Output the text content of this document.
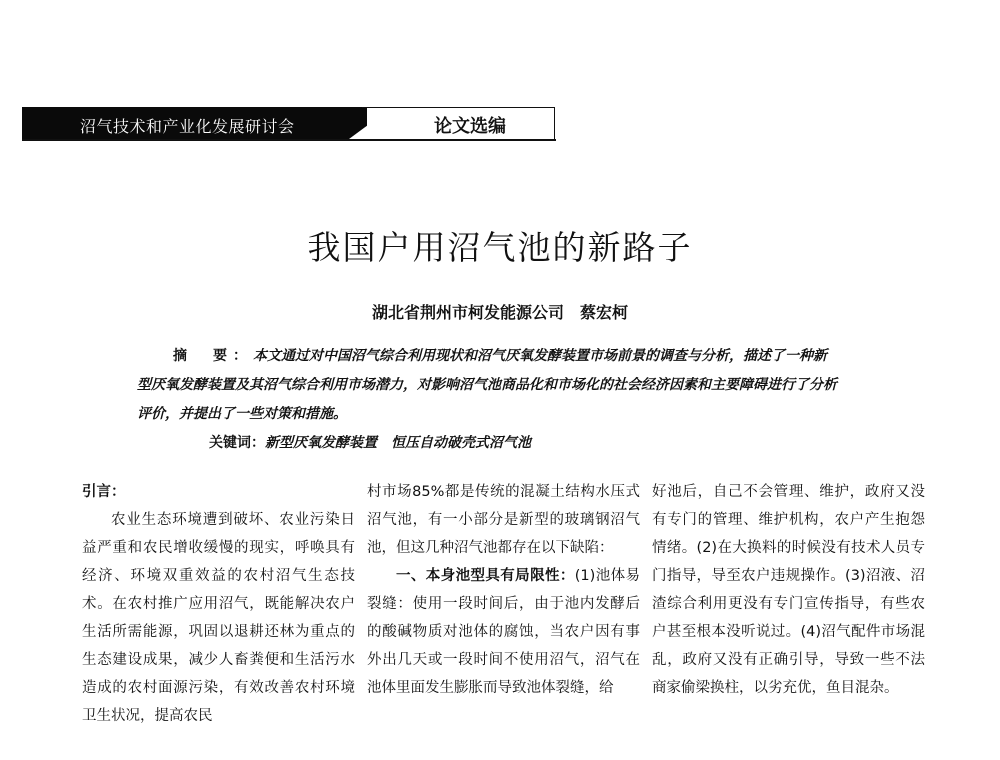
沼气技术和产业化发展研讨会	论文选编
我国户用沼气池的新路子
湖北省荆州市柯发能源公司　蔡宏柯

摘　要：本文通过对中国沼气综合利用现状和沼气厌氧发酵装置市场前景的调查与分析，描述了一种新型厌氧发酵装置及其沼气综合利用市场潜力，对影响沼气池商品化和市场化的社会经济因素和主要障碍进行了分析评价，并提出了一些对策和措施。

关键词：新型厌氧发酵装置　恒压自动破壳式沼气池

引言：

农业生态环境遭到破坏、农业污染日益严重和农民增收缓慢的现实，呼唤具有经济、环境双重效益的农村沼气生态技术。在农村推广应用沼气，既能解决农户生活所需能源，巩固以退耕还林为重点的生态建设成果，减少人畜粪便和生活污水造成的农村面源污染，有效改善农村环境卫生状况，提高农民

村市场85%都是传统的混凝土结构水压式沼气池，有一小部分是新型的玻璃钢沼气池，但这几种沼气池都存在以下缺陷：

一、本身池型具有局限性：(1)池体易裂缝：使用一段时间后，由于池内发酵后的酸碱物质对池体的腐蚀，当农户因有事外出几天或一段时间不使用沼气，沼气在池体里面发生膨胀而导致池体裂缝，给

好池后，自己不会管理、维护，政府又没有专门的管理、维护机构，农户产生抱怨情绪。(2)在大换料的时候没有技术人员专门指导，导至农户违规操作。(3)沼液、沼渣综合利用更没有专门宣传指导，有些农户甚至根本没听说过。(4)沼气配件市场混乱，政府又没有正确引导，导致一些不法商家偷梁换柱，以劣充优，鱼目混杂。
